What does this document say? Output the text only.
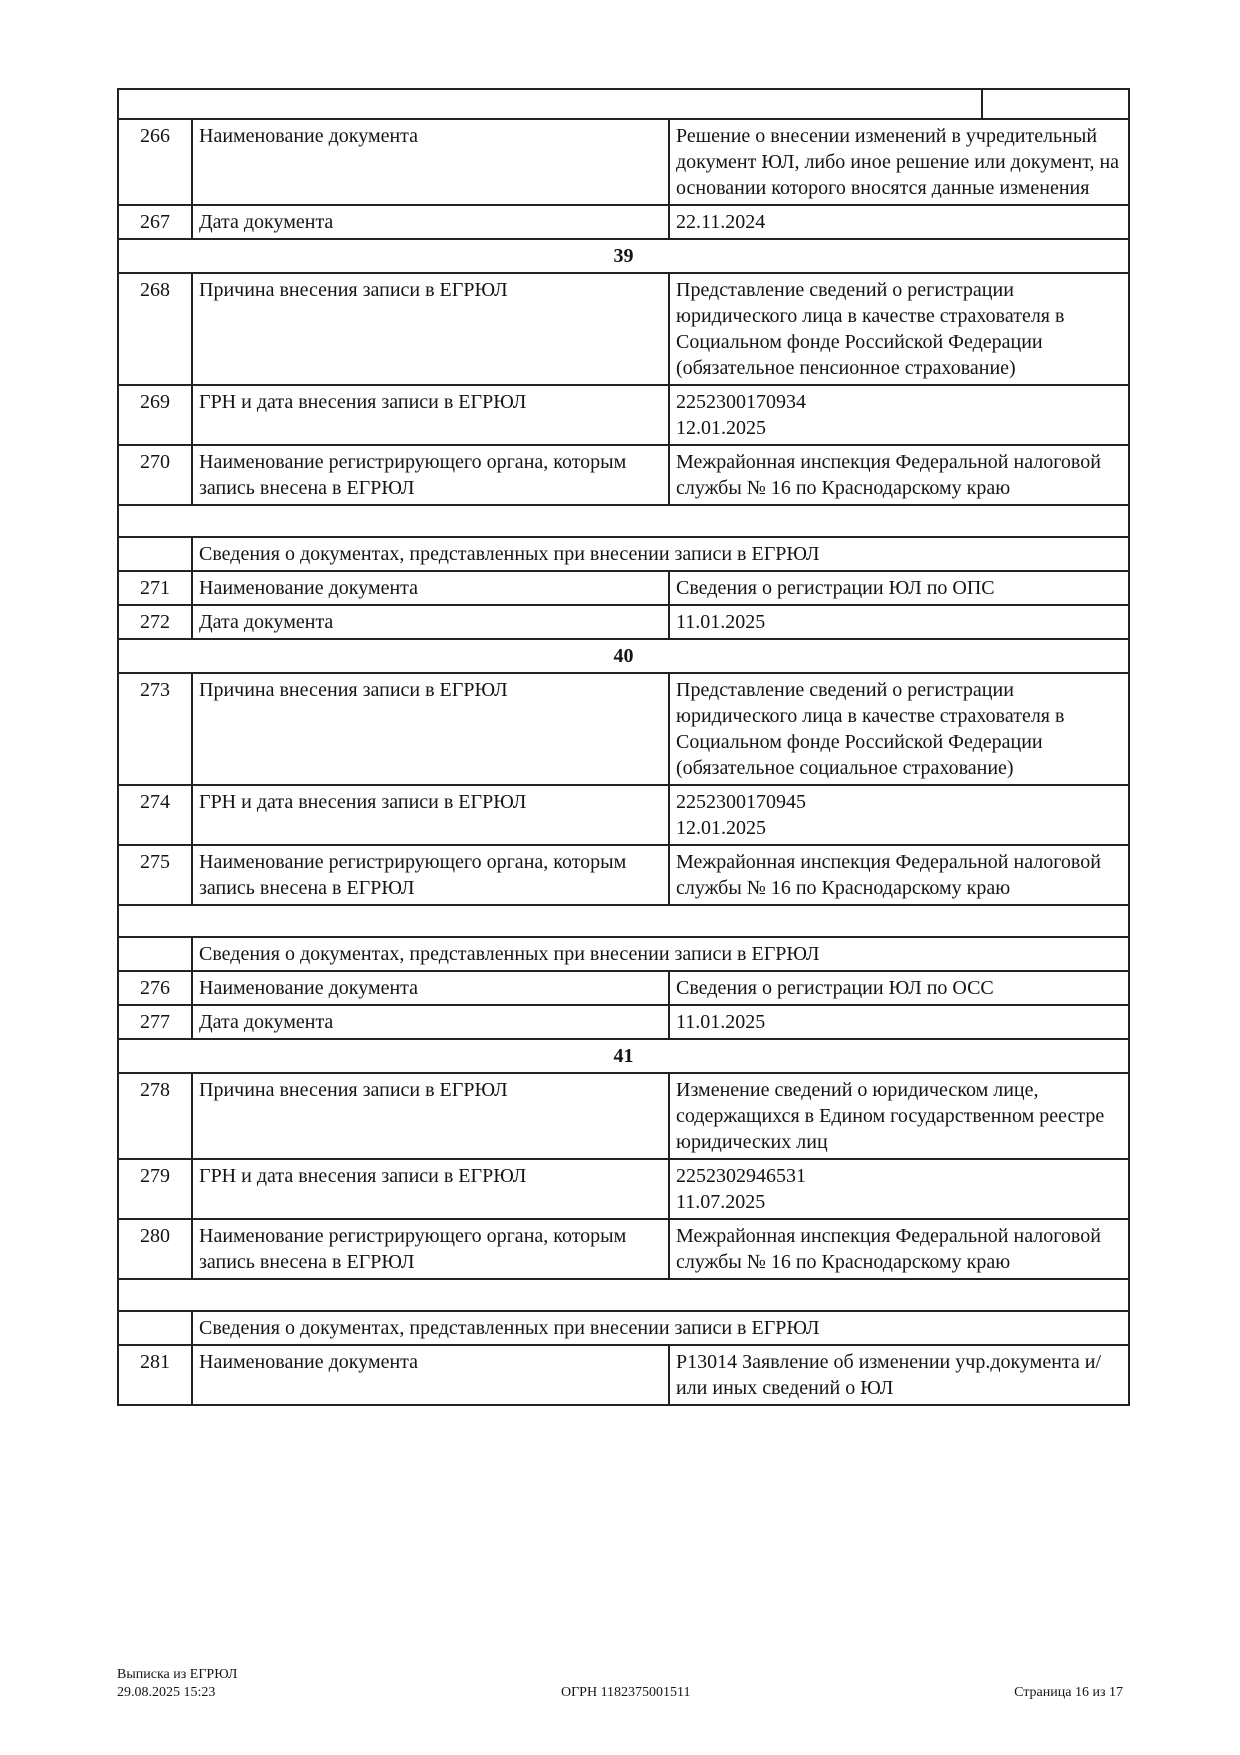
266	Наименование документа	Решение о внесении изменений в учредительный документ ЮЛ, либо иное решение или документ, на основании которого вносятся данные изменения
267	Дата документа	22.11.2024
39		
268	Причина внесения записи в ЕГРЮЛ	Представление сведений о регистрации юридического лица в качестве страхователя в Социальном фонде Российской Федерации (обязательное пенсионное страхование)
269	ГРН и дата внесения записи в ЕГРЮЛ	2252300170934
12.01.2025

270	Наименование регистрирующего органа, которым запись внесена в ЕГРЮЛ	Межрайонная инспекция Федеральной налоговой службы № 16 по Краснодарскому краю

	Сведения о документах, представленных при внесении записи в ЕГРЮЛ	
271	Наименование документа	Сведения о регистрации ЮЛ по ОПС
272	Дата документа	11.01.2025
40		
273	Причина внесения записи в ЕГРЮЛ	Представление сведений о регистрации юридического лица в качестве страхователя в Социальном фонде Российской Федерации (обязательное социальное страхование)
274	ГРН и дата внесения записи в ЕГРЮЛ	2252300170945
12.01.2025

275	Наименование регистрирующего органа, которым запись внесена в ЕГРЮЛ	Межрайонная инспекция Федеральной налоговой службы № 16 по Краснодарскому краю

	Сведения о документах, представленных при внесении записи в ЕГРЮЛ	
276	Наименование документа	Сведения о регистрации ЮЛ по ОСС
277	Дата документа	11.01.2025
41		
278	Причина внесения записи в ЕГРЮЛ	Изменение сведений о юридическом лице, содержащихся в Едином государственном реестре юридических лиц
279	ГРН и дата внесения записи в ЕГРЮЛ	2252302946531
11.07.2025

280	Наименование регистрирующего органа, которым запись внесена в ЕГРЮЛ	Межрайонная инспекция Федеральной налоговой службы № 16 по Краснодарскому краю

	Сведения о документах, представленных при внесении записи в ЕГРЮЛ	
281	Наименование документа	Р13014 Заявление об изменении учр.документа и/или иных сведений о ЮЛ
Выписка из ЕГРЮЛ
29.08.2025 15:23	ОГРН 1182375001511	Страница 16 из 17
